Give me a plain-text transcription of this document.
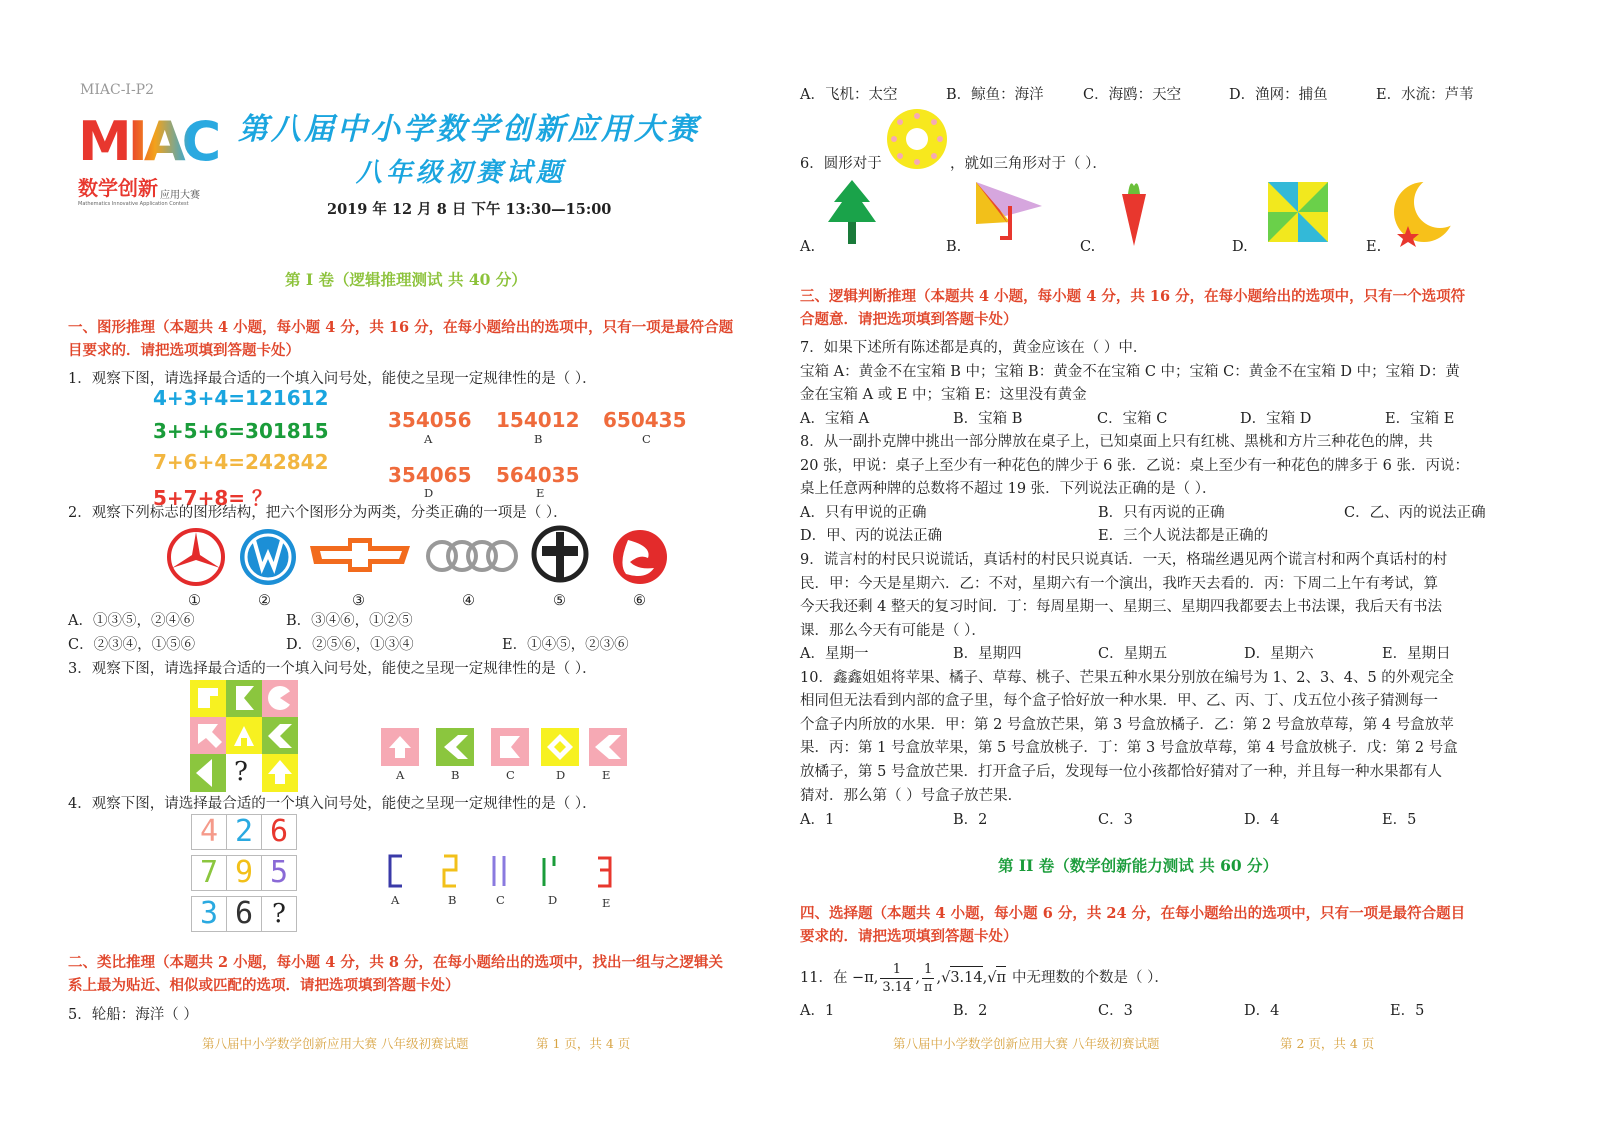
MIAC-I-P2
MIAC
数学创新 应用大赛
Mathematics Innovative Application Contest
第八届中小学数学创新应用大赛
八年级初赛试题
2019 年 12 月 8 日 下午 13:30—15:00
第 I 卷（逻辑推理测试 共 40 分）
一、图形推理（本题共 4 小题，每小题 4 分，共 16 分，在每小题给出的选项中，只有一项是最符合题
目要求的．请把选项填到答题卡处）
1．观察下图，请选择最合适的一个填入问号处，能使之呈现一定规律性的是（ ）．
4+3+4=121612
3+5+6=301815
7+6+4=242842
5+7+8= ？
354056
A
154012
B
650435
C
354065
D
564035
E
2．观察下列标志的图形结构，把六个图形分为两类，分类正确的一项是（ ）．
①	②	③	④	⑤	⑥
A．①③⑤，②④⑥	B．③④⑥，①②⑤
C．②③④，①⑤⑥	D．②⑤⑥，①③④	E．①④⑤，②③⑥
3．观察下图，请选择最合适的一个填入问号处，能使之呈现一定规律性的是（ ）．
?	A	B	C	D	E
4．观察下图，请选择最合适的一个填入问号处，能使之呈现一定规律性的是（ ）．
4 2 6
7 9 5
3 6 ?	A	B	C	D	E
二、类比推理（本题共 2 小题，每小题 4 分，共 8 分，在每小题给出的选项中，找出一组与之逻辑关
系上最为贴近、相似或匹配的选项．请把选项填到答题卡处）
5．轮船：海洋（ ）
第八届中小学数学创新应用大赛 八年级初赛试题	第 1 页，共 4 页
A．飞机：太空	B．鲸鱼：海洋	C．海鸥：天空	D．渔网：捕鱼	E．水流：芦苇
6．圆形对于	，就如三角形对于（ ）．
A.	B.	C.	D.	E.
三、逻辑判断推理（本题共 4 小题，每小题 4 分，共 16 分，在每小题给出的选项中，只有一个选项符
合题意．请把选项填到答题卡处）
7．如果下述所有陈述都是真的，黄金应该在（ ）中．
宝箱 A：黄金不在宝箱 B 中；宝箱 B：黄金不在宝箱 C 中；宝箱 C：黄金不在宝箱 D 中；宝箱 D：黄
金在宝箱 A 或 E 中；宝箱 E：这里没有黄金
A．宝箱 A	B．宝箱 B	C．宝箱 C	D．宝箱 D	E．宝箱 E
8．从一副扑克牌中挑出一部分牌放在桌子上，已知桌面上只有红桃、黑桃和方片三种花色的牌，共
20 张，甲说：桌子上至少有一种花色的牌少于 6 张．乙说：桌上至少有一种花色的牌多于 6 张．丙说：
桌上任意两种牌的总数将不超过 19 张．下列说法正确的是（ ）．
A．只有甲说的正确	B．只有丙说的正确	C．乙、丙的说法正确
D．甲、丙的说法正确	E．三个人说法都是正确的
9．谎言村的村民只说谎话，真话村的村民只说真话．一天，格瑞丝遇见两个谎言村和两个真话村的村
民．甲：今天是星期六．乙：不对，星期六有一个演出，我昨天去看的．丙：下周二上午有考试，算
今天我还剩 4 整天的复习时间．丁：每周星期一、星期三、星期四我都要去上书法课，我后天有书法
课．那么今天有可能是（ ）．
A．星期一	B．星期四	C．星期五	D．星期六	E．星期日
10．鑫鑫姐姐将苹果、橘子、草莓、桃子、芒果五种水果分别放在编号为 1、2、3、4、5 的外观完全
相同但无法看到内部的盒子里，每个盒子恰好放一种水果．甲、乙、丙、丁、戊五位小孩子猜测每一
个盒子内所放的水果．甲：第 2 号盒放芒果，第 3 号盒放橘子．乙：第 2 号盒放草莓，第 4 号盒放苹
果．丙：第 1 号盒放苹果，第 5 号盒放桃子．丁：第 3 号盒放草莓，第 4 号盒放桃子．戊：第 2 号盒
放橘子，第 5 号盒放芒果．打开盒子后，发现每一位小孩都恰好猜对了一种，并且每一种水果都有人
猜对．那么第（ ）号盒子放芒果．
A．1	B．2	C．3	D．4	E．5
第 II 卷（数学创新能力测试 共 60 分）
四、选择题（本题共 4 小题，每小题 6 分，共 24 分，在每小题给出的选项中，只有一项是最符合题目
要求的．请把选项填到答题卡处）
11．在 −π,
1
3.14
,
1
π
,√ 3.14 ,√ π 中无理数的个数是（ ）．
A．1	B．2	C．3	D．4	E．5
第八届中小学数学创新应用大赛 八年级初赛试题	第 2 页，共 4 页
